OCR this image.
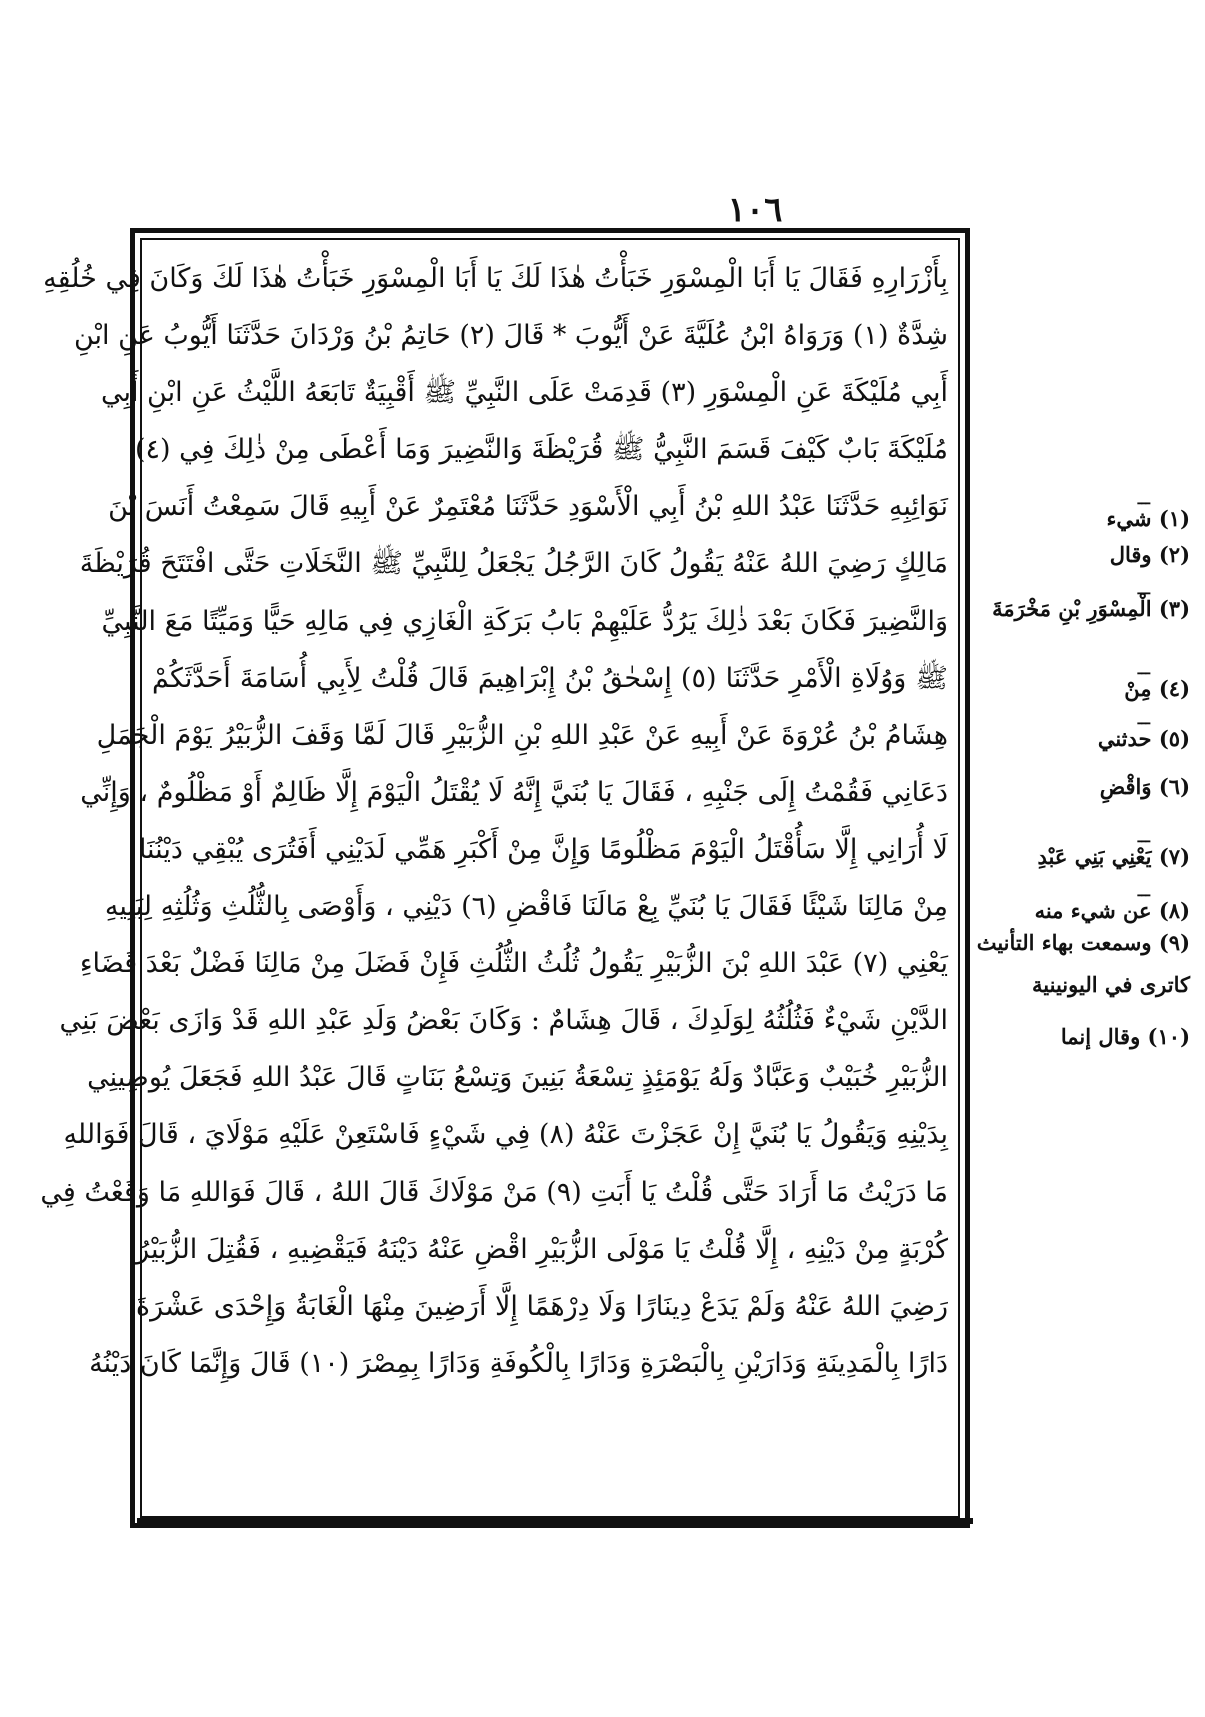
١٠٦
بِأَزْرَارِهِ فَقَالَ يَا أَبَا الْمِسْوَرِ خَبَأْتُ هٰذَا لَكَ يَا أَبَا الْمِسْوَرِ خَبَأْتُ هٰذَا لَكَ وَكَانَ فِي خُلُقِهِ
شِدَّةٌ (١) وَرَوَاهُ ابْنُ عُلَيَّةَ عَنْ أَيُّوبَ * قَالَ (٢) حَاتِمُ بْنُ وَرْدَانَ حَدَّثَنَا أَيُّوبُ عَنِ ابْنِ
أَبِي مُلَيْكَةَ عَنِ الْمِسْوَرِ (٣) قَدِمَتْ عَلَى النَّبِيِّ ﷺ أَقْبِيَةٌ تَابَعَهُ اللَّيْثُ عَنِ ابْنِ أَبِي
مُلَيْكَةَ بَابٌ كَيْفَ قَسَمَ النَّبِيُّ ﷺ قُرَيْظَةَ وَالنَّضِيرَ وَمَا أَعْطَى مِنْ ذٰلِكَ فِي (٤)
نَوَائِبِهِ حَدَّثَنَا عَبْدُ اللهِ بْنُ أَبِي الْأَسْوَدِ حَدَّثَنَا مُعْتَمِرٌ عَنْ أَبِيهِ قَالَ سَمِعْتُ أَنَسَ بْنَ
مَالِكٍ رَضِيَ اللهُ عَنْهُ يَقُولُ كَانَ الرَّجُلُ يَجْعَلُ لِلنَّبِيِّ ﷺ النَّخَلَاتِ حَتَّى افْتَتَحَ قُرَيْظَةَ
وَالنَّضِيرَ فَكَانَ بَعْدَ ذٰلِكَ يَرُدُّ عَلَيْهِمْ بَابُ بَرَكَةِ الْغَازِي فِي مَالِهِ حَيًّا وَمَيِّتًا مَعَ النَّبِيِّ
ﷺ وَوُلَاةِ الْأَمْرِ حَدَّثَنَا (٥) إِسْحٰقُ بْنُ إِبْرَاهِيمَ قَالَ قُلْتُ لِأَبِي أُسَامَةَ أَحَدَّثَكُمْ
هِشَامُ بْنُ عُرْوَةَ عَنْ أَبِيهِ عَنْ عَبْدِ اللهِ بْنِ الزُّبَيْرِ قَالَ لَمَّا وَقَفَ الزُّبَيْرُ يَوْمَ الْجَمَلِ
دَعَانِي فَقُمْتُ إِلَى جَنْبِهِ ، فَقَالَ يَا بُنَيَّ إِنَّهُ لَا يُقْتَلُ الْيَوْمَ إِلَّا ظَالِمٌ أَوْ مَظْلُومٌ ، وَإِنِّي
لَا أُرَانِي إِلَّا سَأُقْتَلُ الْيَوْمَ مَظْلُومًا وَإِنَّ مِنْ أَكْبَرِ هَمِّي لَدَيْنِي أَفَتُرَى يُبْقِي دَيْنُنَا
مِنْ مَالِنَا شَيْئًا فَقَالَ يَا بُنَيِّ بِعْ مَالَنَا فَاقْضِ (٦) دَيْنِي ، وَأَوْصَى بِالثُّلُثِ وَثُلُثِهِ لِبَنِيهِ
يَعْنِي (٧) عَبْدَ اللهِ بْنَ الزُّبَيْرِ يَقُولُ ثُلُثُ الثُّلُثِ فَإِنْ فَضَلَ مِنْ مَالِنَا فَضْلٌ بَعْدَ قَضَاءِ
الدَّيْنِ شَيْءٌ فَثُلُثُهُ لِوَلَدِكَ ، قَالَ هِشَامٌ : وَكَانَ بَعْضُ وَلَدِ عَبْدِ اللهِ قَدْ وَازَى بَعْضَ بَنِي
الزُّبَيْرِ خُبَيْبٌ وَعَبَّادٌ وَلَهُ يَوْمَئِذٍ تِسْعَةُ بَنِينَ وَتِسْعُ بَنَاتٍ قَالَ عَبْدُ اللهِ فَجَعَلَ يُوصِينِي
بِدَيْنِهِ وَيَقُولُ يَا بُنَيَّ إِنْ عَجَزْتَ عَنْهُ (٨) فِي شَيْءٍ فَاسْتَعِنْ عَلَيْهِ مَوْلَايَ ، قَالَ فَوَاللهِ
مَا دَرَيْتُ مَا أَرَادَ حَتَّى قُلْتُ يَا أَبَتِ (٩) مَنْ مَوْلَاكَ قَالَ اللهُ ، قَالَ فَوَاللهِ مَا وَقَعْتُ فِي
كُرْبَةٍ مِنْ دَيْنِهِ ، إِلَّا قُلْتُ يَا مَوْلَى الزُّبَيْرِ اقْضِ عَنْهُ دَيْنَهُ فَيَقْضِيهِ ، فَقُتِلَ الزُّبَيْرُ
رَضِيَ اللهُ عَنْهُ وَلَمْ يَدَعْ دِينَارًا وَلَا دِرْهَمًا إِلَّا أَرَضِينَ مِنْهَا الْغَابَةُ وَإِحْدَى عَشْرَةَ
دَارًا بِالْمَدِينَةِ وَدَارَيْنِ بِالْبَصْرَةِ وَدَارًا بِالْكُوفَةِ وَدَارًا بِمِصْرَ (١٠) قَالَ وَإِنَّمَا كَانَ دَيْنُهُ
ـــ
(١) شيء
(٢) وقال
ـــ
(٣) الْمِسْوَرِ بْنِ مَخْرَمَةَ
ـــ
(٤) مِنْ
ـــ
(٥) حدثني
(٦) وَاقْضِ
ـــ
(٧) يَعْنِي بَنِي عَبْدِ
ـــ
(٨) عن شيء منه
(٩) وسمعت بهاء التأنيث
كاترى في اليونينية
(١٠) وقال إنما
